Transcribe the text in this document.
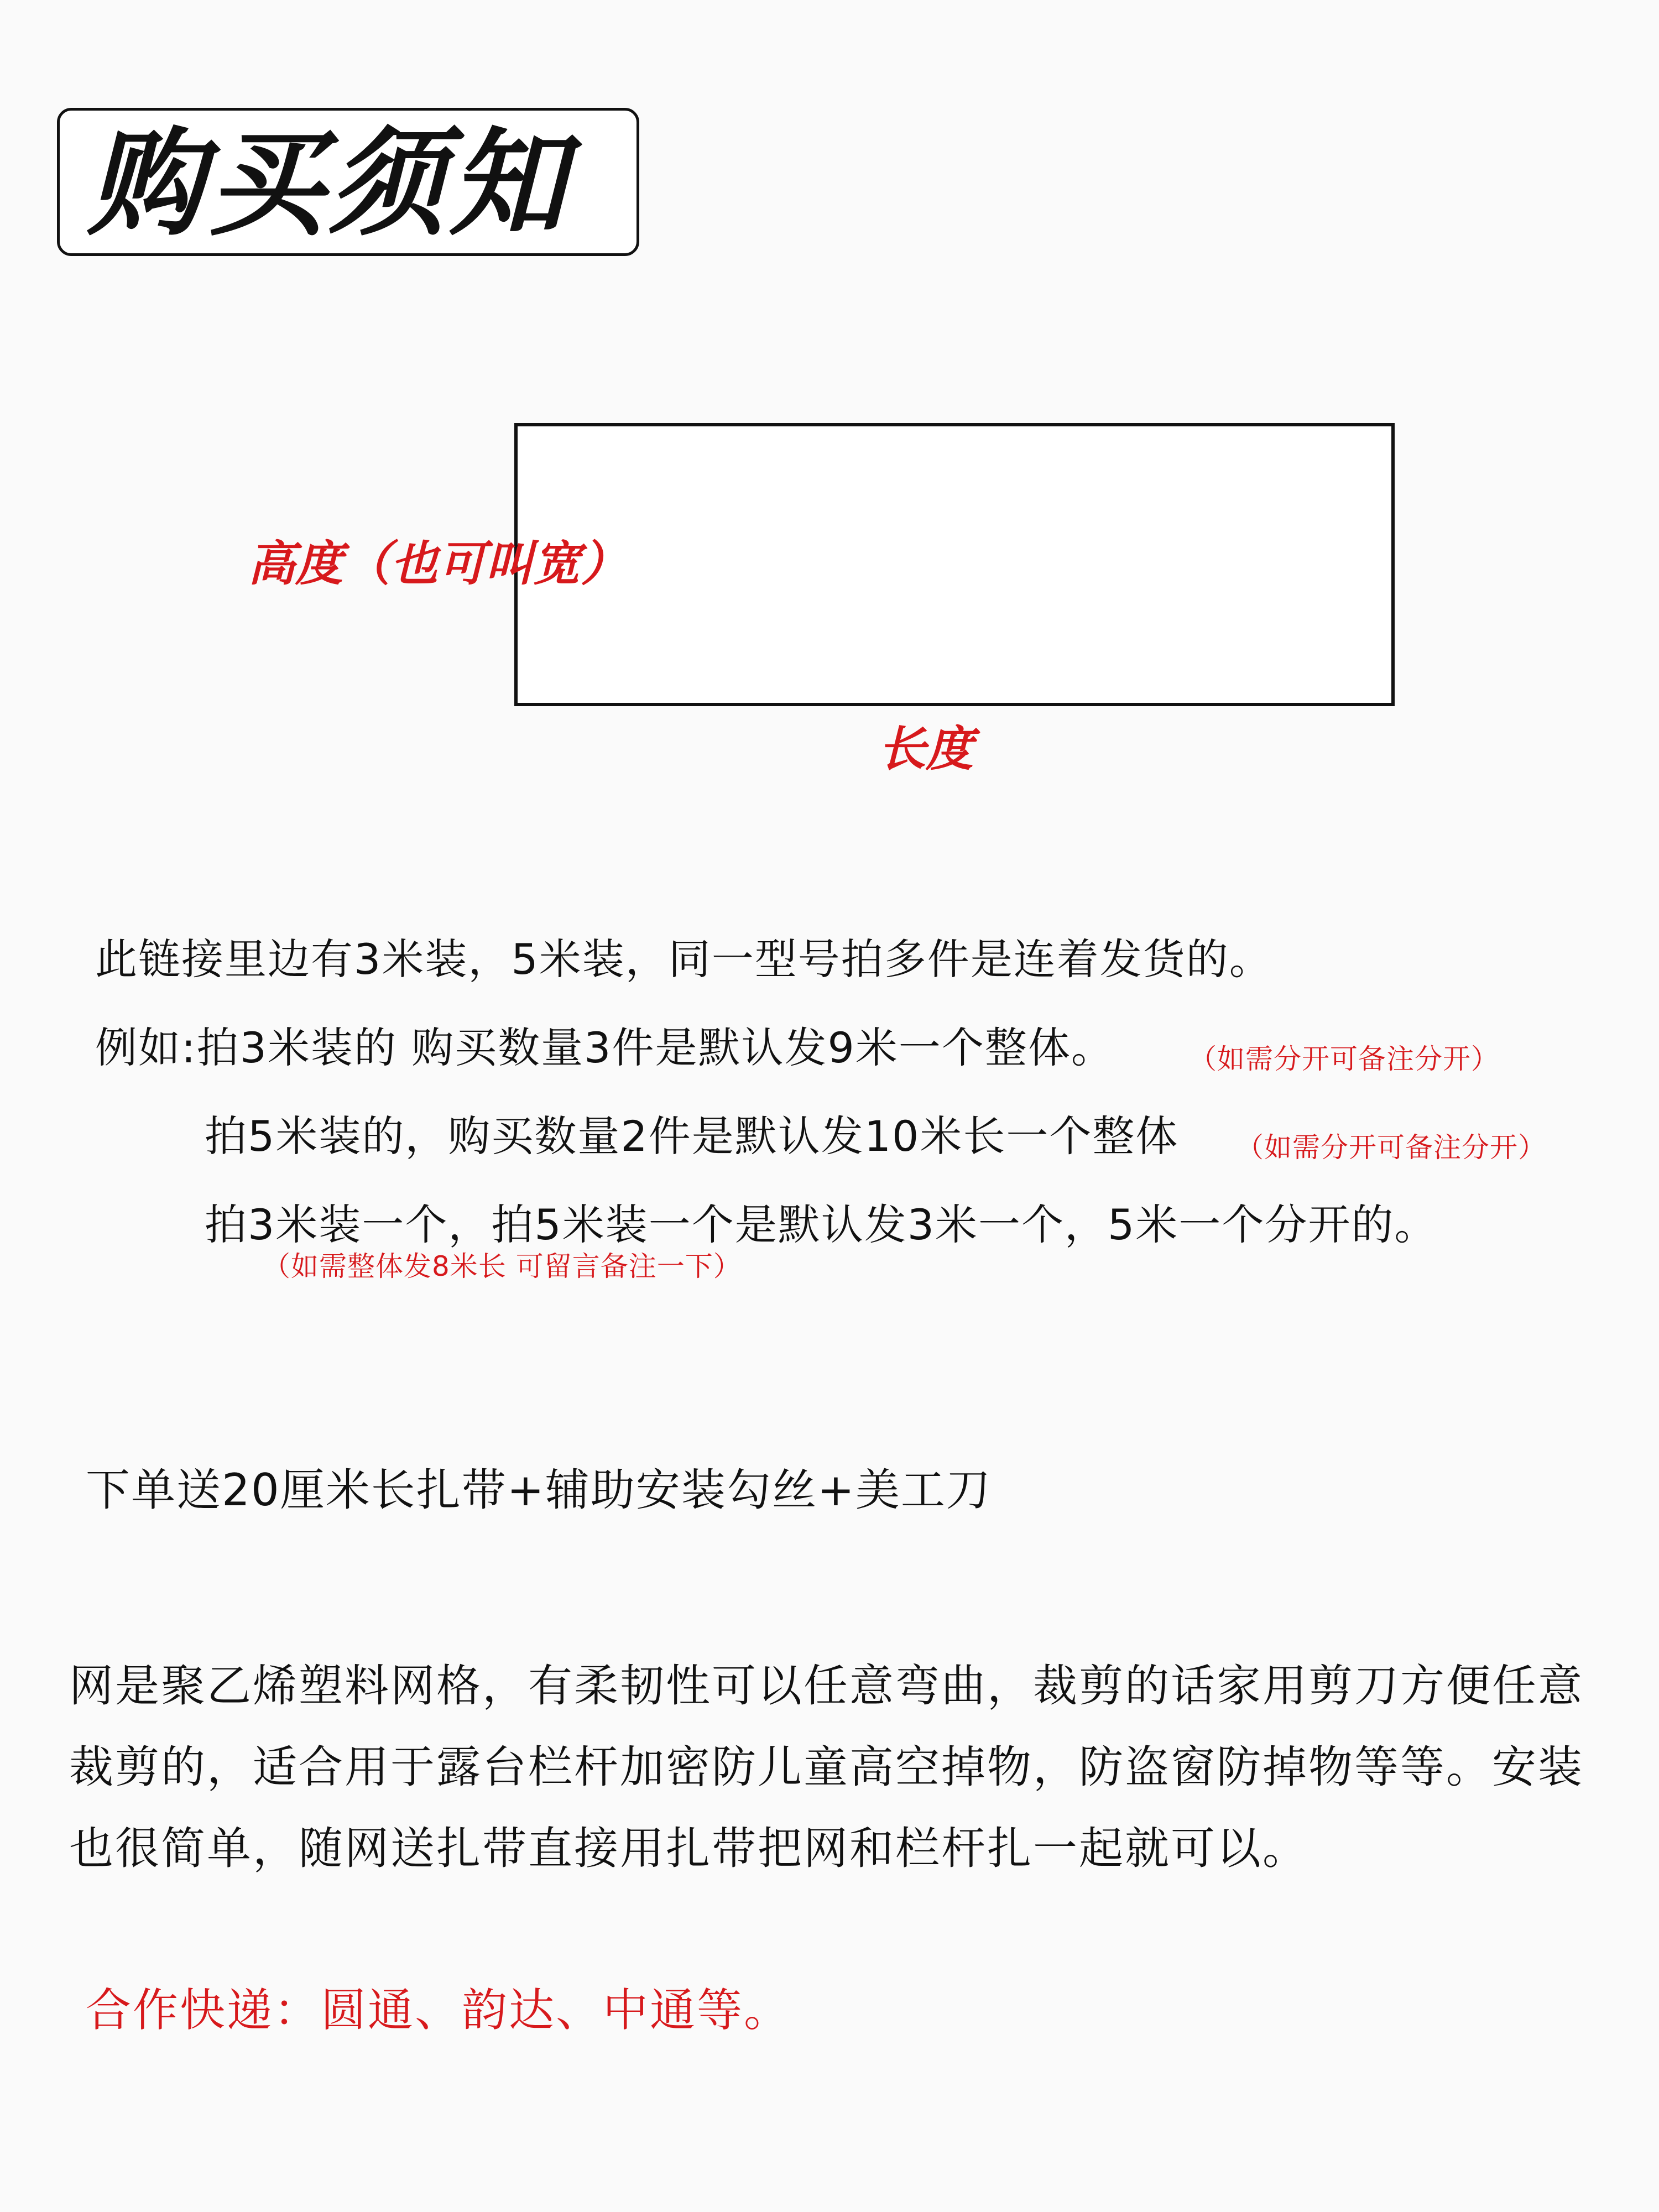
购买须知
高度（也可叫宽）
长度
此链接里边有3米装，5米装，同一型号拍多件是连着发货的。
例如:拍3米装的 购买数量3件是默认发9米一个整体。	（如需分开可备注分开）
拍5米装的，购买数量2件是默认发10米长一个整体 （如需分开可备注分开）
拍3米装一个，拍5米装一个是默认发3米一个，5米一个分开的。
（如需整体发8米长 可留言备注一下）
下单送20厘米长扎带+辅助安装勾丝+美工刀
网是聚乙烯塑料网格，有柔韧性可以任意弯曲，裁剪的话家用剪刀方便任意裁剪的，适合用于露台栏杆加密防儿童高空掉物，防盗窗防掉物等等。安装也很简单，随网送扎带直接用扎带把网和栏杆扎一起就可以。
合作快递：圆通、韵达、中通等。
